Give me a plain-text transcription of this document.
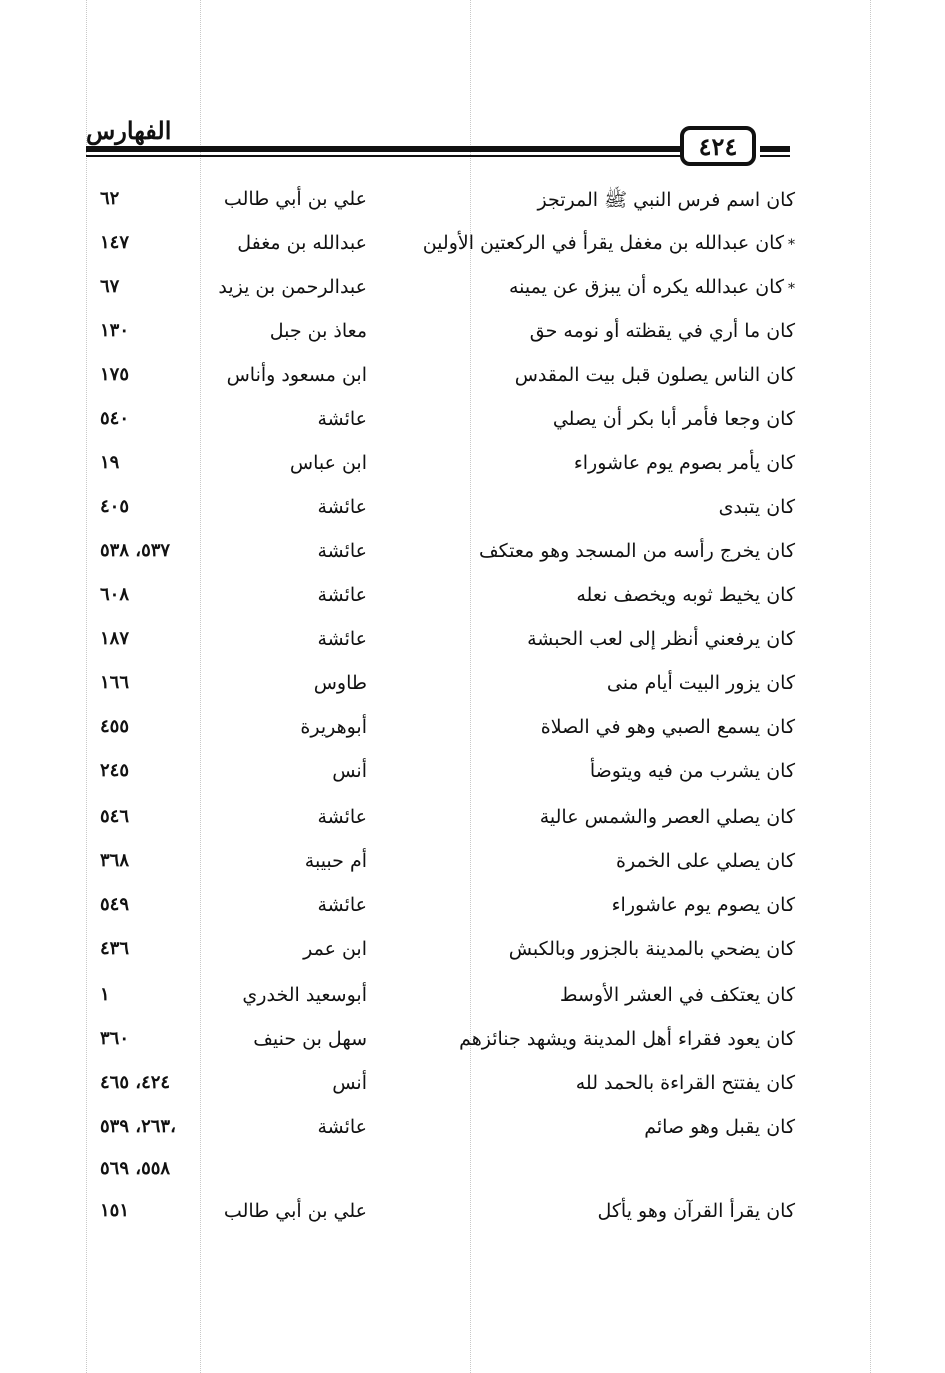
الفهارس
٤٢٤
كان اسم فرس النبي ﷺ المرتجز
علي بن أبي طالب
٦٢
*كان عبدالله بن مغفل يقرأ في الركعتين الأولين
عبدالله بن مغفل
١٤٧
*كان عبدالله يكره أن يبزق عن يمينه
عبدالرحمن بن يزيد
٦٧
كان ما أري في يقظته أو نومه حق
معاذ بن جبل
١٣٠
كان الناس يصلون قبل بيت المقدس
ابن مسعود وأناس
١٧٥
كان وجعا فأمر أبا بكر أن يصلي
عائشة
٥٤٠
كان يأمر بصوم يوم عاشوراء
ابن عباس
١٩
كان يتبدى
عائشة
٤٠٥
كان يخرج رأسه من المسجد وهو معتكف
عائشة
٥٣٧، ٥٣٨
كان يخيط ثوبه ويخصف نعله
عائشة
٦٠٨
كان يرفعني أنظر إلى لعب الحبشة
عائشة
١٨٧
كان يزور البيت أيام منى
طاوس
١٦٦
كان يسمع الصبي وهو في الصلاة
أبوهريرة
٤٥٥
كان يشرب من فيه ويتوضأ
أنس
٢٤٥
كان يصلي العصر والشمس عالية
عائشة
٥٤٦
كان يصلي على الخمرة
أم حبيبة
٣٦٨
كان يصوم يوم عاشوراء
عائشة
٥٤٩
كان يضحي بالمدينة بالجزور وبالكبش
ابن عمر
٤٣٦
كان يعتكف في العشر الأوسط
أبوسعيد الخدري
١
كان يعود فقراء أهل المدينة ويشهد جنائزهم
سهل بن حنيف
٣٦٠
كان يفتتح القراءة بالحمد لله
أنس
٤٢٤، ٤٦٥
كان يقبل وهو صائم
عائشة
٢٦٣، ٥٣٩،
٥٥٨، ٥٦٩
كان يقرأ القرآن وهو يأكل
علي بن أبي طالب
١٥١
